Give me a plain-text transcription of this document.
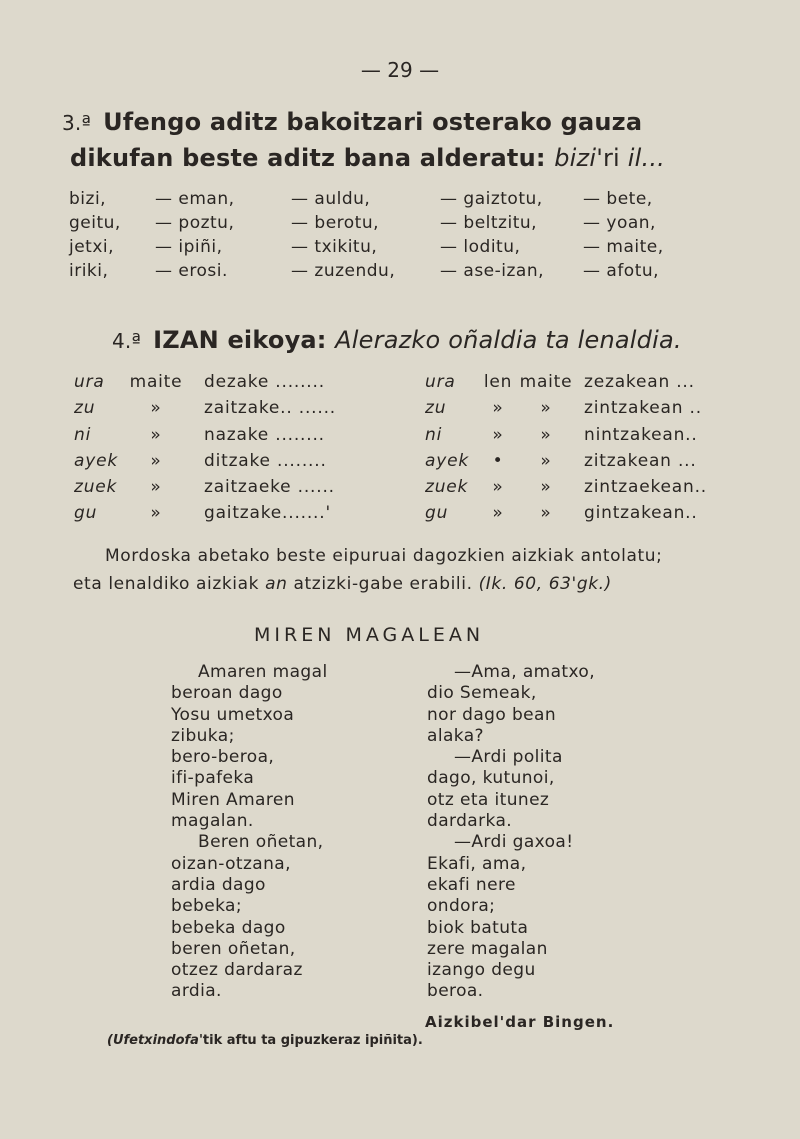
— 29 —
3.ª Ufengo aditz bakoitzari osterako gauza
dikufan beste aditz bana alderatu: bizi'ri il...
bizi,
geitu,
jetxi,
iriki,
— eman,
— poztu,
— ipiñi,
— erosi.
— auldu,
— berotu,
— txikitu,
— zuzendu,
— gaiztotu,
— beltzitu,
— loditu,
— ase-izan,
— bete,
— yoan,
— maite,
— afotu,
4.ª IZAN eikoya: Alerazko oñaldia ta lenaldia.
ura
zu
ni
ayek
zuek
gu
maite
»
»
»
»
»
dezake ........
zaitzake.. ......
nazake ........
ditzake ........
zaitzaeke ......
gaitzake.......'
ura
zu
ni
ayek
zuek
gu
len
»
»
•
»
»
maite
»
»
»
»
»
zezakean ...
zintzakean ..
nintzakean..
zitzakean ...
zintzaekean..
gintzakean..
Mordoska abetako beste eipuruai dagozkien aizkiak antolatu;
eta lenaldiko aizkiak an atzizki-gabe erabili. (Ik. 60, 63'gk.)
MIREN MAGALEAN
Amaren magal
beroan dago
Yosu umetxoa
zibuka;
bero-beroa,
ifi-pafeka
Miren Amaren
magalan.
Beren oñetan,
oizan-otzana,
ardia dago
bebeka;
bebeka dago
beren oñetan,
otzez dardaraz
ardia.
—Ama, amatxo,
dio Semeak,
nor dago bean
alaka?
—Ardi polita
dago, kutunoi,
otz eta itunez
dardarka.
—Ardi gaxoa!
Ekafi, ama,
ekafi nere
ondora;
biok batuta
zere magalan
izango degu
beroa.
Aizkibel'dar Bingen.
(Ufetxindofa'tik aftu ta gipuzkeraz ipiñita).
